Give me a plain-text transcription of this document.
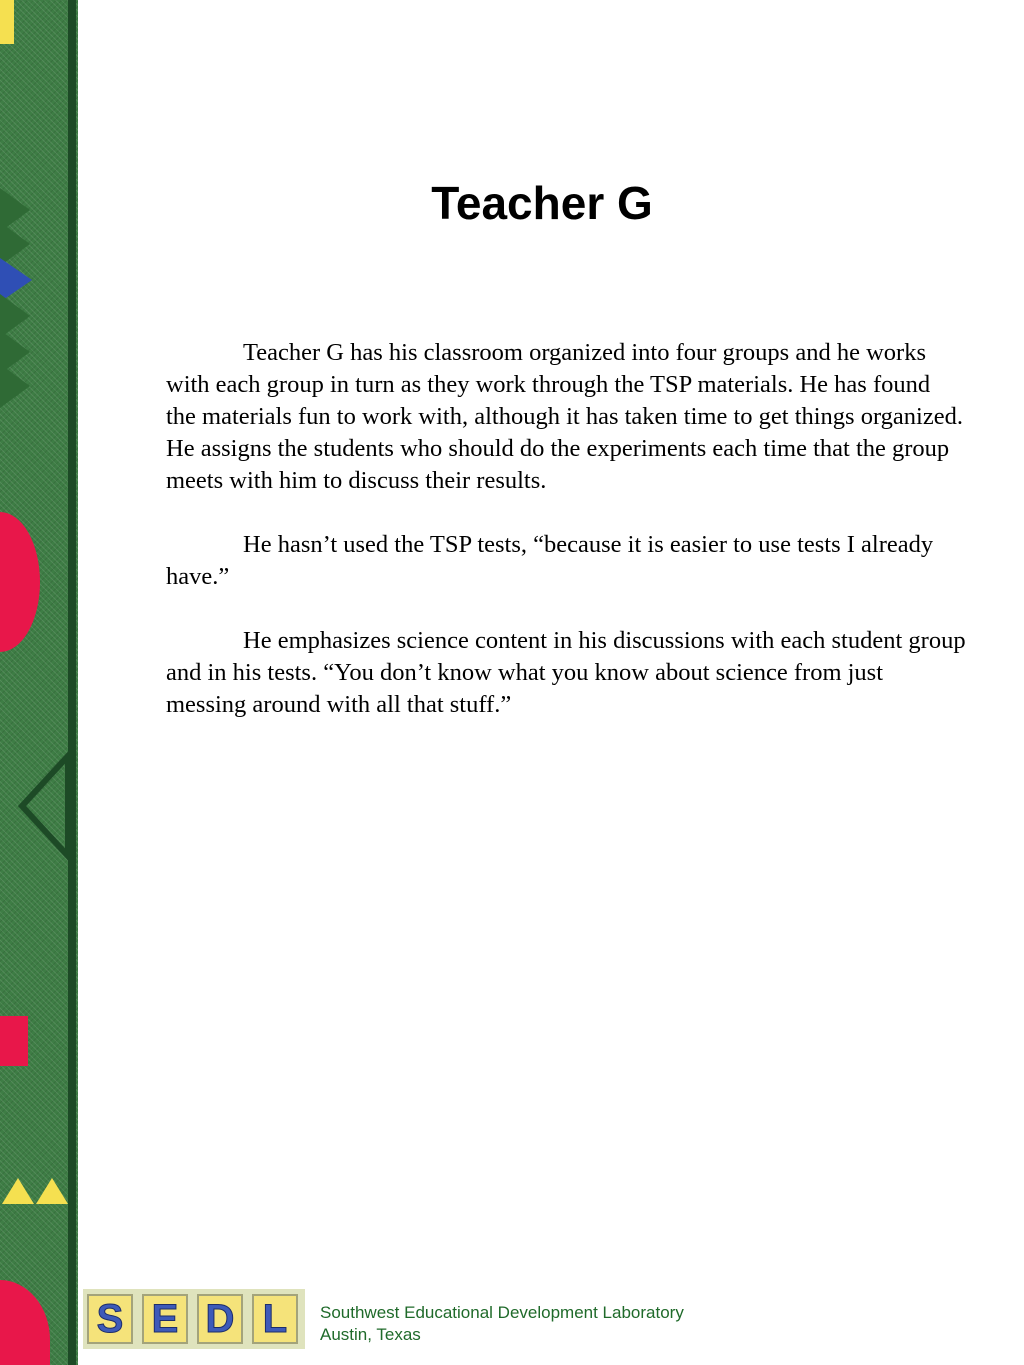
Teacher G

Teacher G has his classroom organized into four groups and he works with each group in turn as they work through the TSP materials. He has found the materials fun to work with, although it has taken time to get things organized. He assigns the students who should do the experiments each time that the group meets with him to discuss their results.

He hasn’t used the TSP tests, “because it is easier to use tests I already have.”

He emphasizes science content in his discussions with each student group and in his tests. “You don’t know what you know about science from just messing around with all that stuff.”

S E D L	Southwest Educational Development Laboratory
Austin, Texas
